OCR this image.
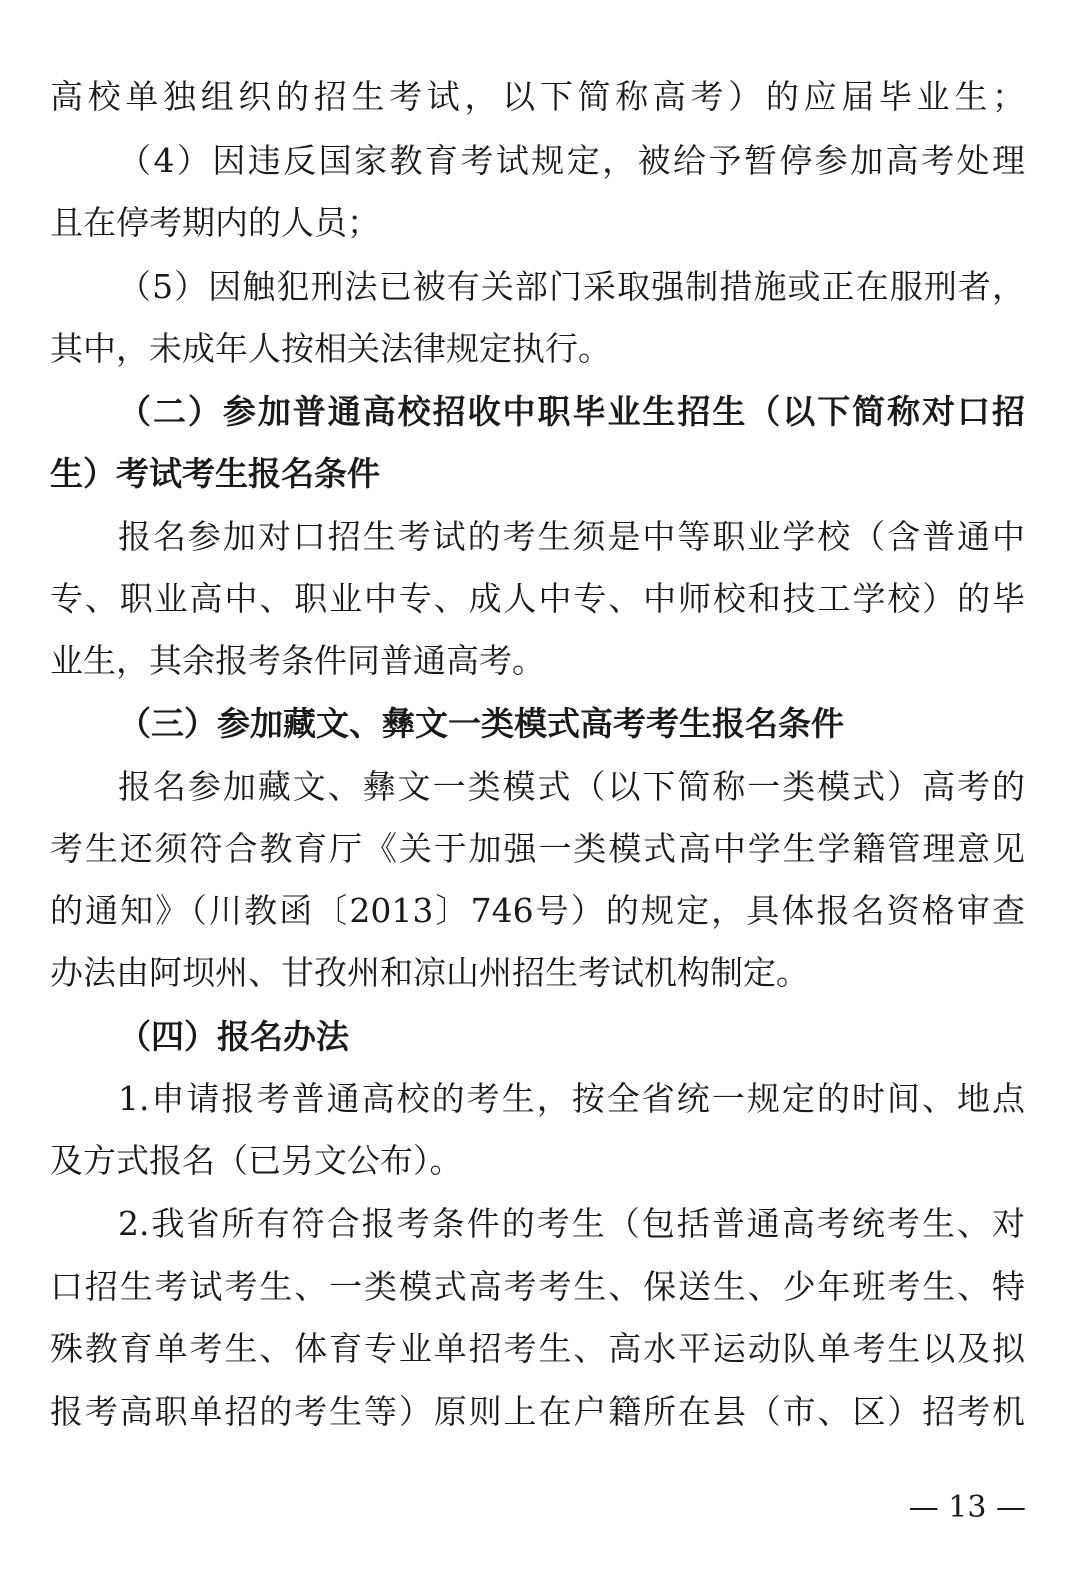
高校单独组织的招生考试，以下简称高考）的应届毕业生；
（4）因违反国家教育考试规定，被给予暂停参加高考处理
且在停考期内的人员；
（5）因触犯刑法已被有关部门采取强制措施或正在服刑者，
其中，未成年人按相关法律规定执行。
（二）参加普通高校招收中职毕业生招生（以下简称对口招
生）考试考生报名条件
报名参加对口招生考试的考生须是中等职业学校（含普通中
专、职业高中、职业中专、成人中专、中师校和技工学校）的毕
业生，其余报考条件同普通高考。
（三）参加藏文、彝文一类模式高考考生报名条件
报名参加藏文、彝文一类模式（以下简称一类模式）高考的
考生还须符合教育厅《关于加强一类模式高中学生学籍管理意见
的通知》（川教函〔2013〕746号）的规定，具体报名资格审查
办法由阿坝州、甘孜州和凉山州招生考试机构制定。
（四）报名办法
1.申请报考普通高校的考生，按全省统一规定的时间、地点
及方式报名（已另文公布）。
2.我省所有符合报考条件的考生（包括普通高考统考生、对
口招生考试考生、一类模式高考考生、保送生、少年班考生、特
殊教育单考生、体育专业单招考生、高水平运动队单考生以及拟
报考高职单招的考生等）原则上在户籍所在县（市、区）招考机
— 13 —
